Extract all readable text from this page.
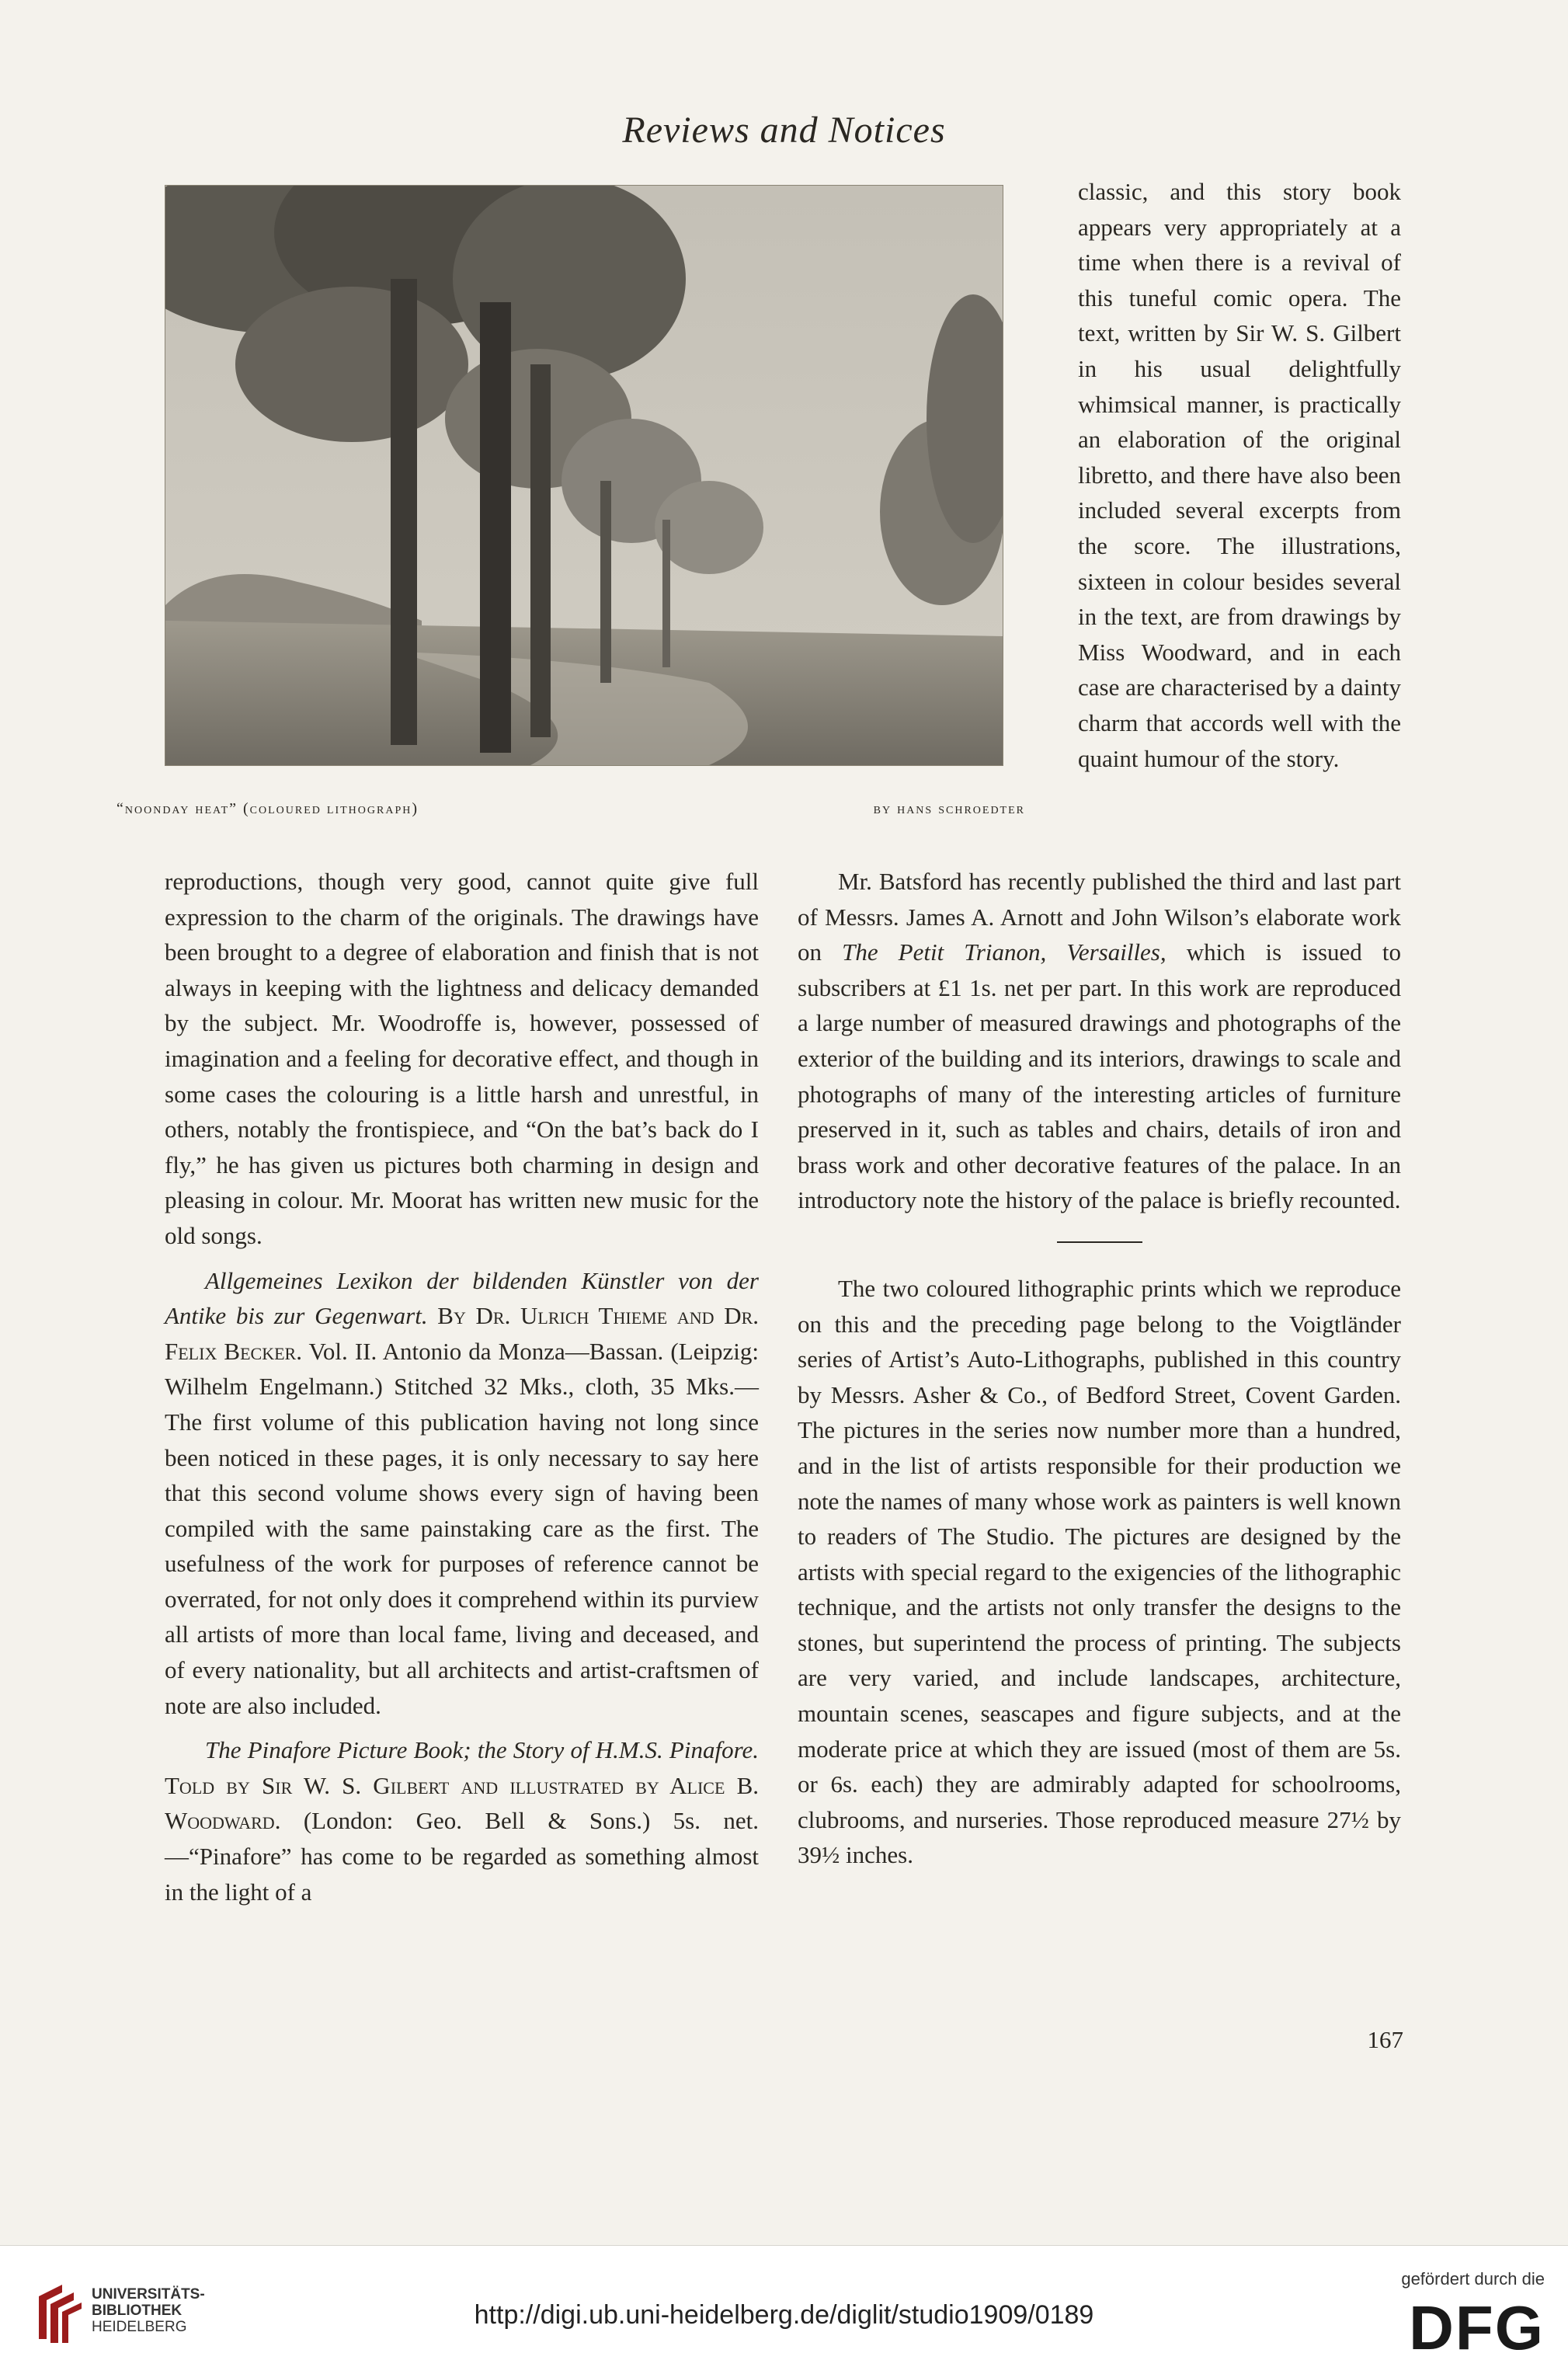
Reviews and Notices
“noonday heat” (coloured lithograph)	by hans schroedter

classic, and this story book appears very appropriately at a time when there is a revival of this tuneful comic opera. The text, written by Sir W. S. Gilbert in his usual delightfully whimsical manner, is practically an elaboration of the original libretto, and there have also been included several excerpts from the score. The illustrations, sixteen in colour besides several in the text, are from drawings by Miss Woodward, and in each case are characterised by a dainty charm that accords well with the quaint humour of the story.

reproductions, though very good, cannot quite give full expression to the charm of the originals. The drawings have been brought to a degree of elaboration and finish that is not always in keeping with the lightness and delicacy demanded by the subject. Mr. Woodroffe is, however, possessed of imagination and a feeling for decorative effect, and though in some cases the colouring is a little harsh and unrestful, in others, notably the frontispiece, and “On the bat’s back do I fly,” he has given us pictures both charming in design and pleasing in colour. Mr. Moorat has written new music for the old songs.

Allgemeines Lexikon der bildenden Künstler von der Antike bis zur Gegenwart. By Dr. Ulrich Thieme and Dr. Felix Becker. Vol. II. Antonio da Monza—Bassan. (Leipzig: Wilhelm Engelmann.) Stitched 32 Mks., cloth, 35 Mks.—The first volume of this publication having not long since been noticed in these pages, it is only necessary to say here that this second volume shows every sign of having been compiled with the same painstaking care as the first. The usefulness of the work for purposes of reference cannot be overrated, for not only does it comprehend within its purview all artists of more than local fame, living and deceased, and of every nationality, but all architects and artist-craftsmen of note are also included.

The Pinafore Picture Book; the Story of H.M.S. Pinafore. Told by Sir W. S. Gilbert and illustrated by Alice B. Woodward. (London: Geo. Bell & Sons.) 5s. net.—“Pinafore” has come to be regarded as something almost in the light of a

Mr. Batsford has recently published the third and last part of Messrs. James A. Arnott and John Wilson’s elaborate work on The Petit Trianon, Versailles, which is issued to subscribers at £1 1s. net per part. In this work are reproduced a large number of measured drawings and photographs of the exterior of the building and its interiors, drawings to scale and photographs of many of the interesting articles of furniture preserved in it, such as tables and chairs, details of iron and brass work and other decorative features of the palace. In an introductory note the history of the palace is briefly recounted.

The two coloured lithographic prints which we reproduce on this and the preceding page belong to the Voigtländer series of Artist’s Auto-Lithographs, published in this country by Messrs. Asher & Co., of Bedford Street, Covent Garden. The pictures in the series now number more than a hundred, and in the list of artists responsible for their production we note the names of many whose work as painters is well known to readers of The Studio. The pictures are designed by the artists with special regard to the exigencies of the lithographic technique, and the artists not only transfer the designs to the stones, but superintend the process of printing. The subjects are very varied, and include landscapes, architecture, mountain scenes, seascapes and figure subjects, and at the moderate price at which they are issued (most of them are 5s. or 6s. each) they are admirably adapted for schoolrooms, clubrooms, and nurseries. Those reproduced measure 27½ by 39½ inches.

167
UNIVERSITÄTS-
BIBLIOTHEK
HEIDELBERG	http://digi.ub.uni-heidelberg.de/diglit/studio1909/0189
gefördert durch die
DFG
